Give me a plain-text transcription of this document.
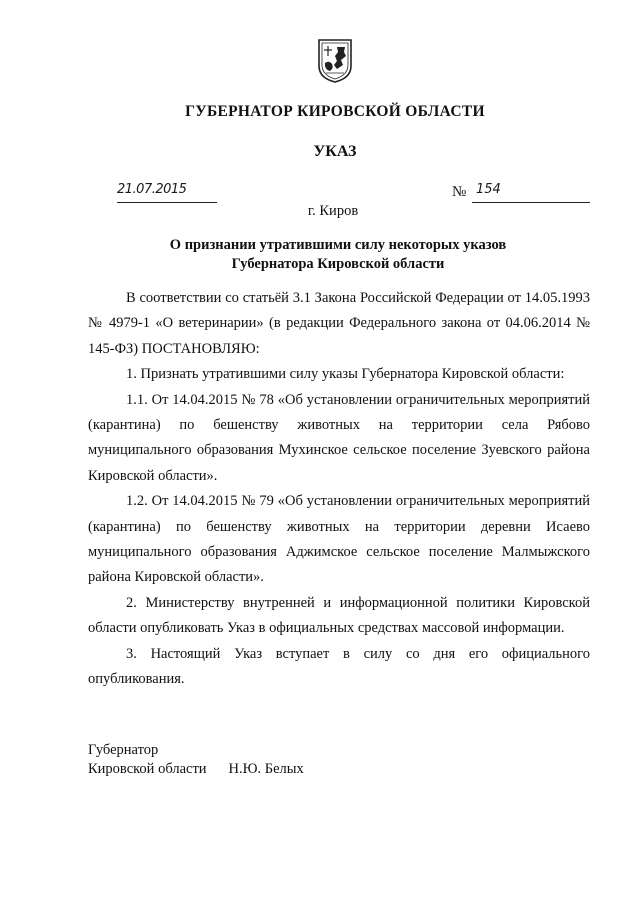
ГУБЕРНАТОР КИРОВСКОЙ ОБЛАСТИ
УКАЗ
21.07.2015	№ 154
г. Киров
О признании утратившими силу некоторых указов
Губернатора Кировской области

В соответствии со статьёй 3.1 Закона Российской Федерации от 14.05.1993 № 4979-1 «О ветеринарии» (в редакции Федерального закона от 04.06.2014 № 145-ФЗ) ПОСТАНОВЛЯЮ:

1. Признать утратившими силу указы Губернатора Кировской области:

1.1. От 14.04.2015 № 78 «Об установлении ограничительных мероприятий (карантина) по бешенству животных на территории села Рябово муниципального образования Мухинское сельское поселение Зуевского района Кировской области».

1.2. От 14.04.2015 № 79 «Об установлении ограничительных мероприятий (карантина) по бешенству животных на территории деревни Исаево муниципального образования Аджимское сельское поселение Малмыжского района Кировской области».

2. Министерству внутренней и информационной политики Кировской области опубликовать Указ в официальных средствах массовой информации.

3. Настоящий Указ вступает в силу со дня его официального опубликования.

Губернатор
Кировской области Н.Ю. Белых
